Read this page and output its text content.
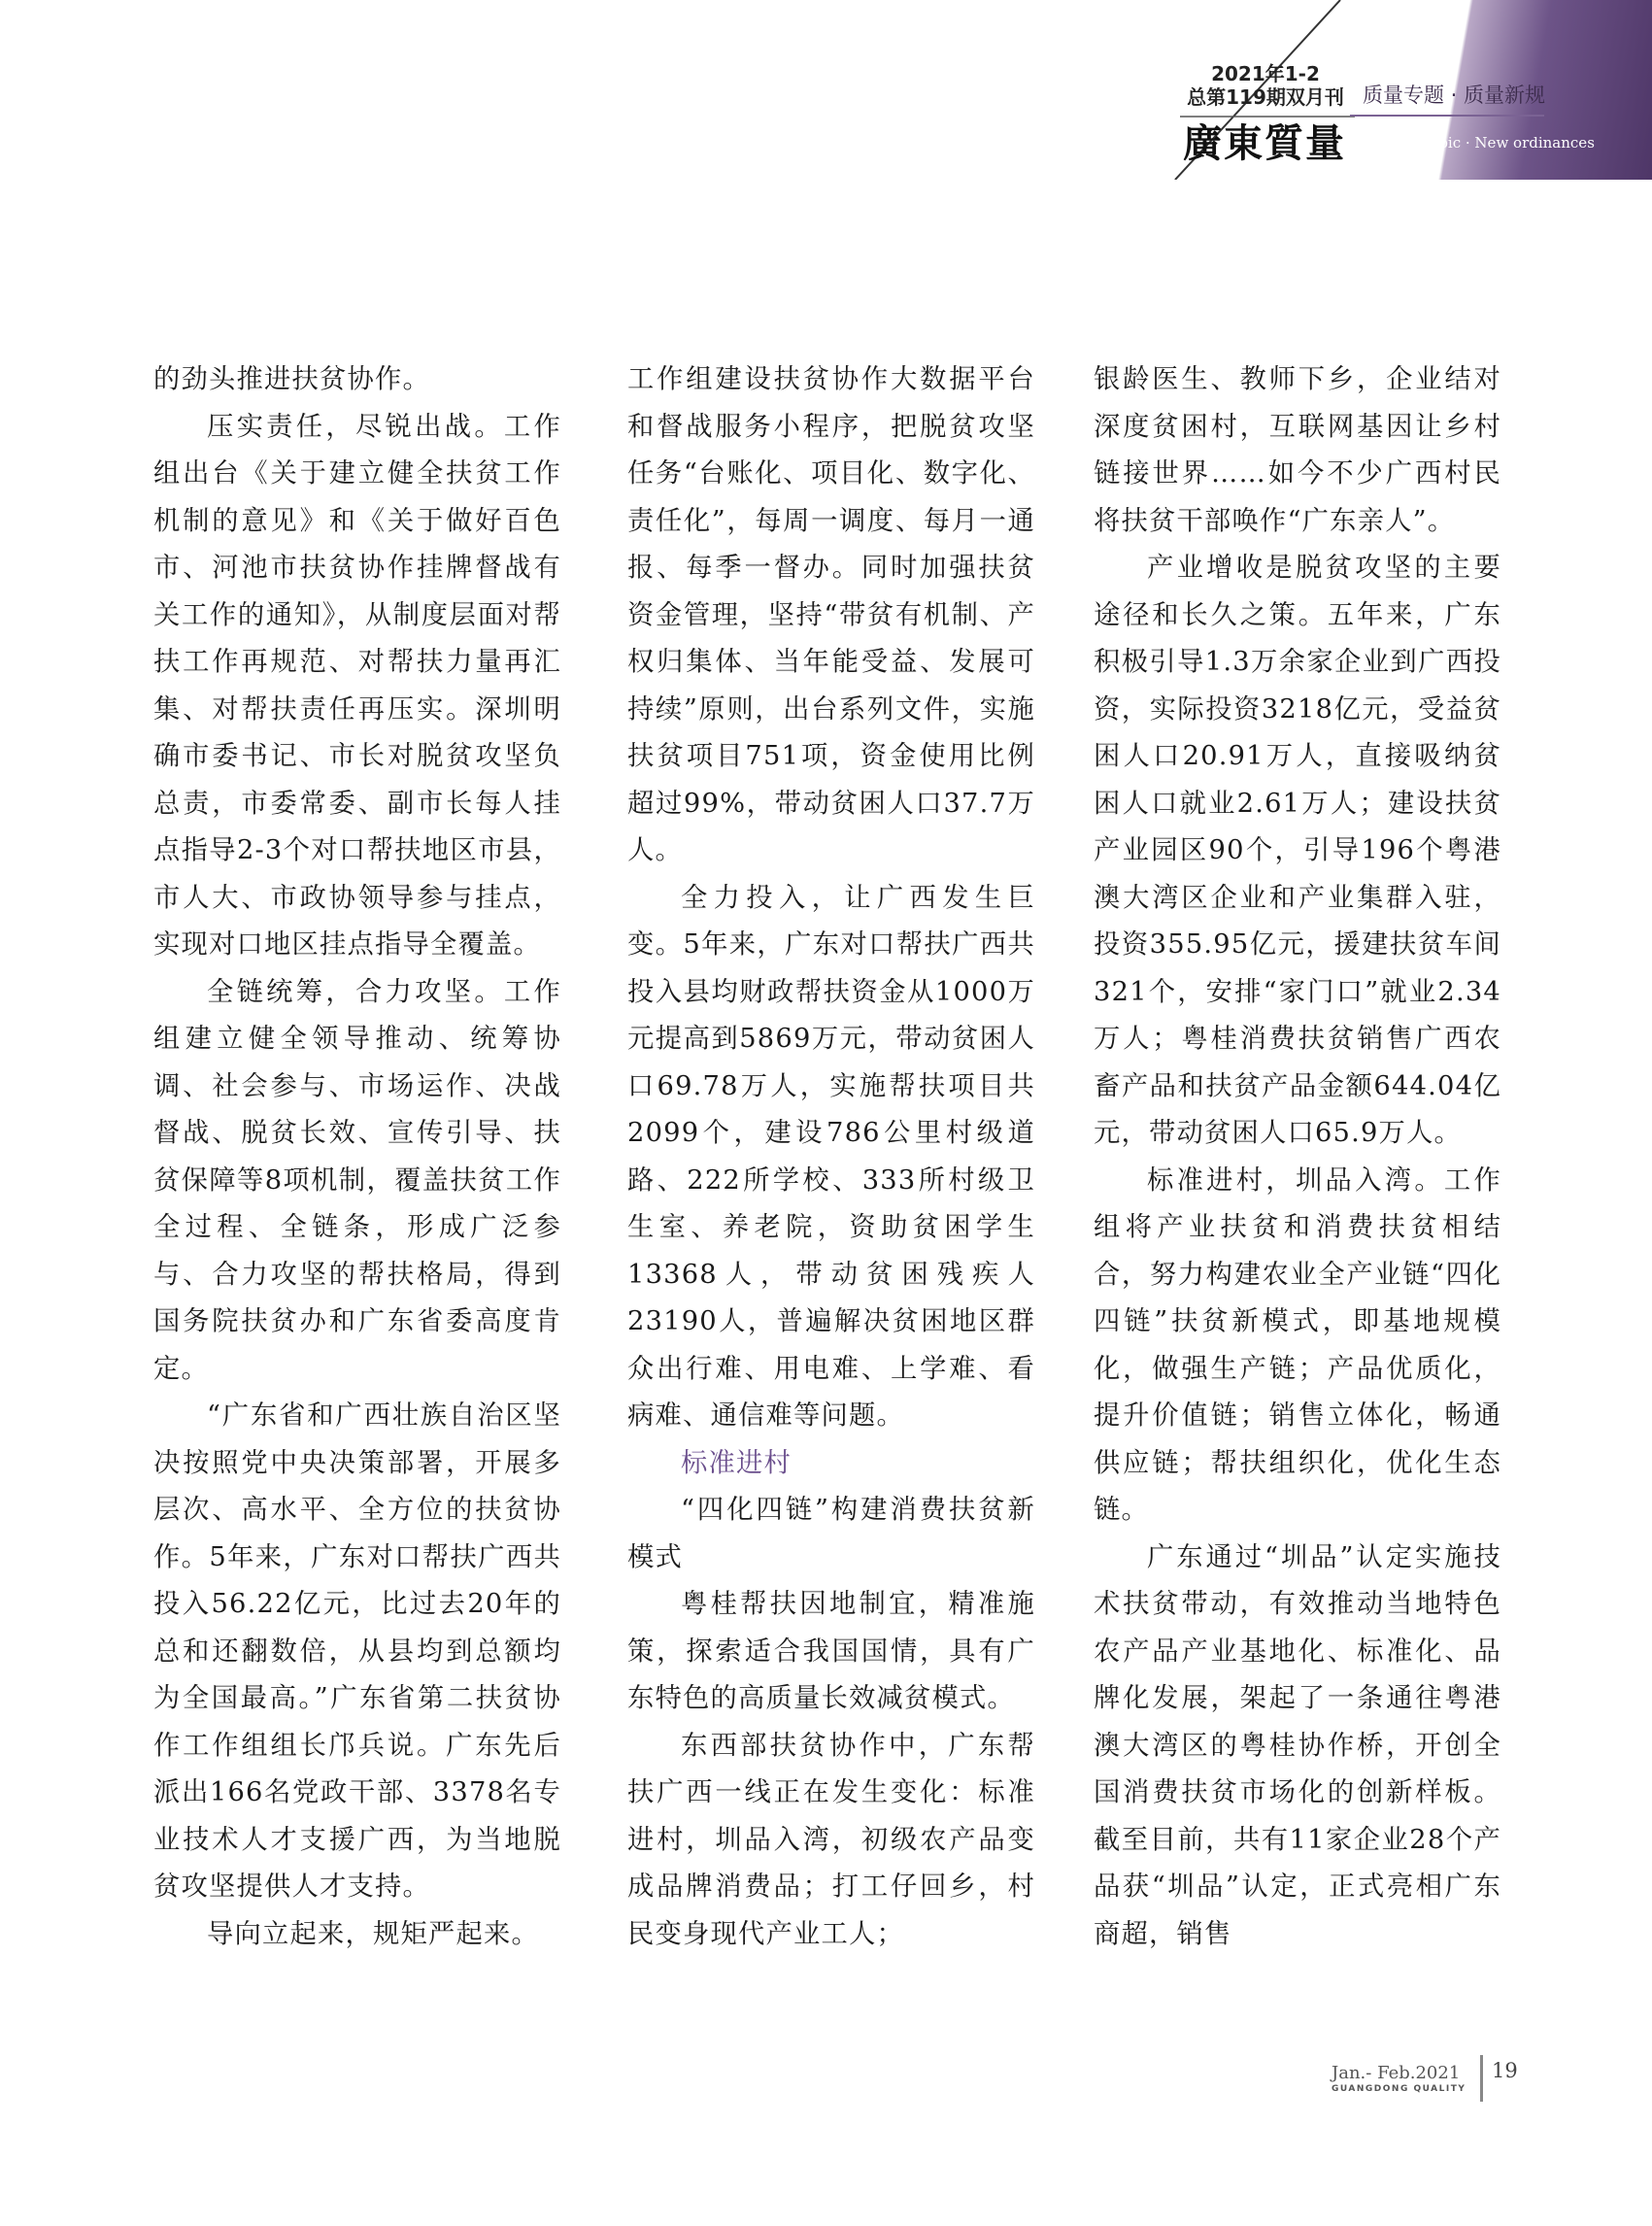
2021年1-2
总第119期双月刊
廣東質量
质量专题 · 质量新规
Special Topic · New ordinances

的劲头推进扶贫协作。

压实责任，尽锐出战。工作组出台《关于建立健全扶贫工作机制的意见》和《关于做好百色市、河池市扶贫协作挂牌督战有关工作的通知》，从制度层面对帮扶工作再规范、对帮扶力量再汇集、对帮扶责任再压实。深圳明确市委书记、市长对脱贫攻坚负总责，市委常委、副市长每人挂点指导2-3个对口帮扶地区市县，市人大、市政协领导参与挂点，实现对口地区挂点指导全覆盖。

全链统筹，合力攻坚。工作组建立健全领导推动、统筹协调、社会参与、市场运作、决战督战、脱贫长效、宣传引导、扶贫保障等8项机制，覆盖扶贫工作全过程、全链条，形成广泛参与、合力攻坚的帮扶格局，得到国务院扶贫办和广东省委高度肯定。

“广东省和广西壮族自治区坚决按照党中央决策部署，开展多层次、高水平、全方位的扶贫协作。5年来，广东对口帮扶广西共投入56.22亿元，比过去20年的总和还翻数倍，从县均到总额均为全国最高。”广东省第二扶贫协作工作组组长邝兵说。广东先后派出166名党政干部、3378名专业技术人才支援广西，为当地脱贫攻坚提供人才支持。

导向立起来，规矩严起来。

工作组建设扶贫协作大数据平台和督战服务小程序，把脱贫攻坚任务“台账化、项目化、数字化、责任化”，每周一调度、每月一通报、每季一督办。同时加强扶贫资金管理，坚持“带贫有机制、产权归集体、当年能受益、发展可持续”原则，出台系列文件，实施扶贫项目751项，资金使用比例超过99%，带动贫困人口37.7万人。

全力投入，让广西发生巨变。5年来，广东对口帮扶广西共投入县均财政帮扶资金从1000万元提高到5869万元，带动贫困人口69.78万人，实施帮扶项目共2099个，建设786公里村级道路、222所学校、333所村级卫生室、养老院，资助贫困学生13368人，带动贫困残疾人23190人，普遍解决贫困地区群众出行难、用电难、上学难、看病难、通信难等问题。

标准进村

“四化四链”构建消费扶贫新模式

粤桂帮扶因地制宜，精准施策，探索适合我国国情，具有广东特色的高质量长效减贫模式。

东西部扶贫协作中，广东帮扶广西一线正在发生变化：标准进村，圳品入湾，初级农产品变成品牌消费品；打工仔回乡，村民变身现代产业工人；

银龄医生、教师下乡，企业结对深度贫困村，互联网基因让乡村链接世界……如今不少广西村民将扶贫干部唤作“广东亲人”。

产业增收是脱贫攻坚的主要途径和长久之策。五年来，广东积极引导1.3万余家企业到广西投资，实际投资3218亿元，受益贫困人口20.91万人，直接吸纳贫困人口就业2.61万人；建设扶贫产业园区90个，引导196个粤港澳大湾区企业和产业集群入驻，投资355.95亿元，援建扶贫车间321个，安排“家门口”就业2.34万人；粤桂消费扶贫销售广西农畜产品和扶贫产品金额644.04亿元，带动贫困人口65.9万人。

标准进村，圳品入湾。工作组将产业扶贫和消费扶贫相结合，努力构建农业全产业链“四化四链”扶贫新模式，即基地规模化，做强生产链；产品优质化，提升价值链；销售立体化，畅通供应链；帮扶组织化，优化生态链。

广东通过“圳品”认定实施技术扶贫带动，有效推动当地特色农产品产业基地化、标准化、品牌化发展，架起了一条通往粤港澳大湾区的粤桂协作桥，开创全国消费扶贫市场化的创新样板。截至目前，共有11家企业28个产品获“圳品”认定，正式亮相广东商超，销售

Jan.- Feb.2021
GUANGDONG QUALITY
19
